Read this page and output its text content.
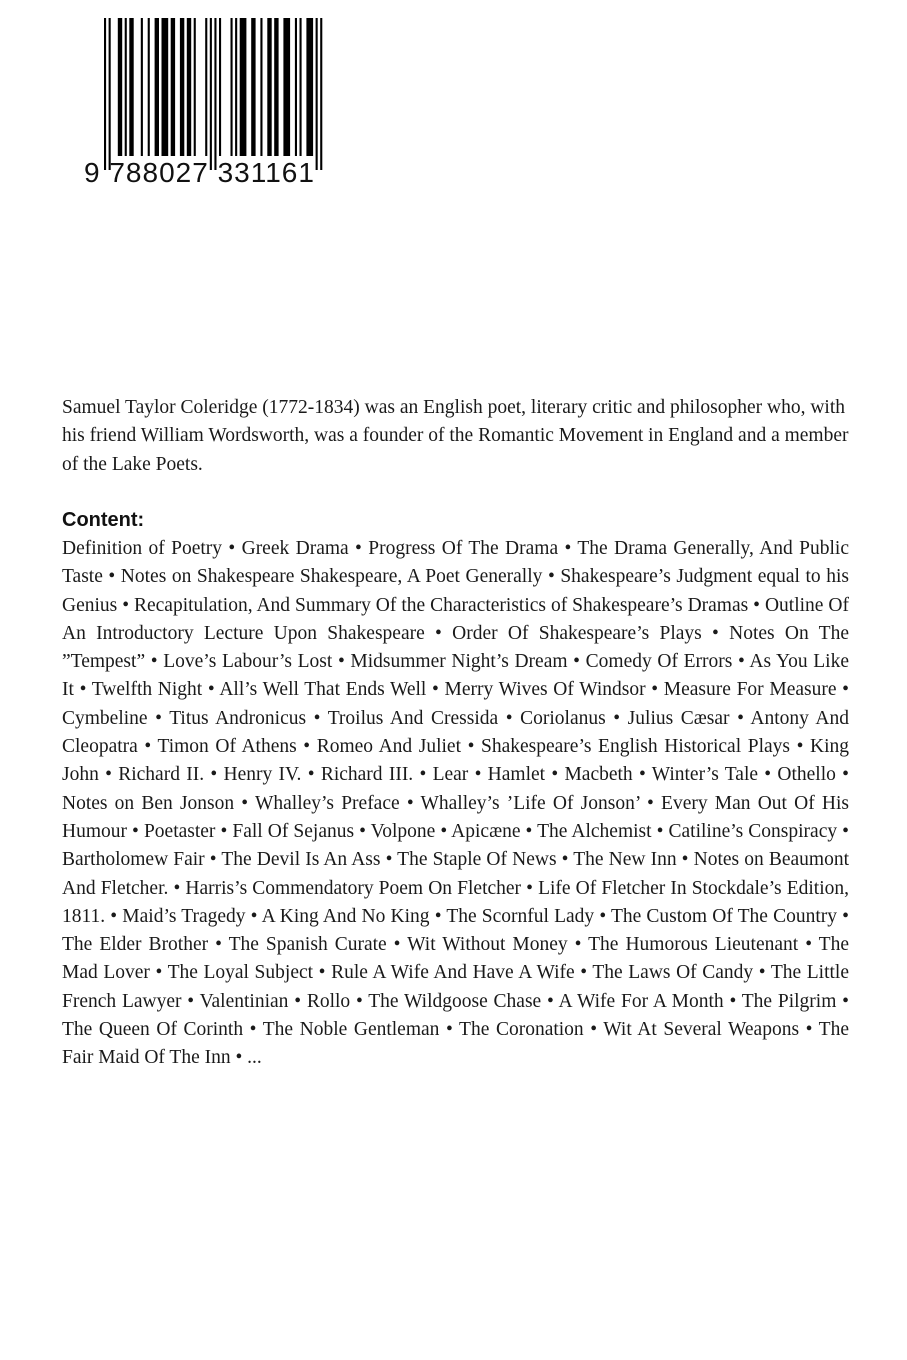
9 788027 331161

Samuel Taylor Coleridge (1772-1834) was an English poet, literary critic and philosopher who, with his friend William Wordsworth, was a founder of the Romantic Movement in England and a member of the Lake Poets.

Content:

Definition of Poetry • Greek Drama • Progress Of The Drama • The Drama Generally, And Public Taste • Notes on Shakespeare Shakespeare, A Poet Generally • Shakespeare’s Judgment equal to his Genius • Recapitulation, And Summary Of the Characteristics of Shakespeare’s Dramas • Outline Of An Introductory Lecture Upon Shakespeare • Order Of Shakespeare’s Plays • Notes On The ”Tempest” • Love’s Labour’s Lost • Midsummer Night’s Dream • Comedy Of Errors • As You Like It • Twelfth Night • All’s Well That Ends Well • Merry Wives Of Windsor • Measure For Measure • Cymbeline • Titus Andronicus • Troilus And Cressida • Coriolanus • Julius Cæsar • Antony And Cleopatra • Timon Of Athens • Romeo And Juliet • Shakespeare’s English Historical Plays • King John • Richard II. • Henry IV. • Richard III. • Lear • Hamlet • Macbeth • Winter’s Tale • Othello • Notes on Ben Jonson • Whalley’s Preface • Whalley’s ’Life Of Jonson’ • Every Man Out Of His Humour • Poetaster • Fall Of Sejanus • Volpone • Apicæne • The Alchemist • Catiline’s Conspiracy • Bartholomew Fair • The Devil Is An Ass • The Staple Of News • The New Inn • Notes on Beaumont And Fletcher. • Harris’s Commendatory Poem On Fletcher • Life Of Fletcher In Stockdale’s Edition, 1811. • Maid’s Tragedy • A King And No King • The Scornful Lady • The Custom Of The Country • The Elder Brother • The Spanish Curate • Wit Without Money • The Humorous Lieutenant • The Mad Lover • The Loyal Subject • Rule A Wife And Have A Wife • The Laws Of Candy • The Little French Lawyer • Valentinian • Rollo • The Wildgoose Chase • A Wife For A Month • The Pilgrim • The Queen Of Corinth • The Noble Gentleman • The Coronation • Wit At Several Weapons • The Fair Maid Of The Inn • ...
